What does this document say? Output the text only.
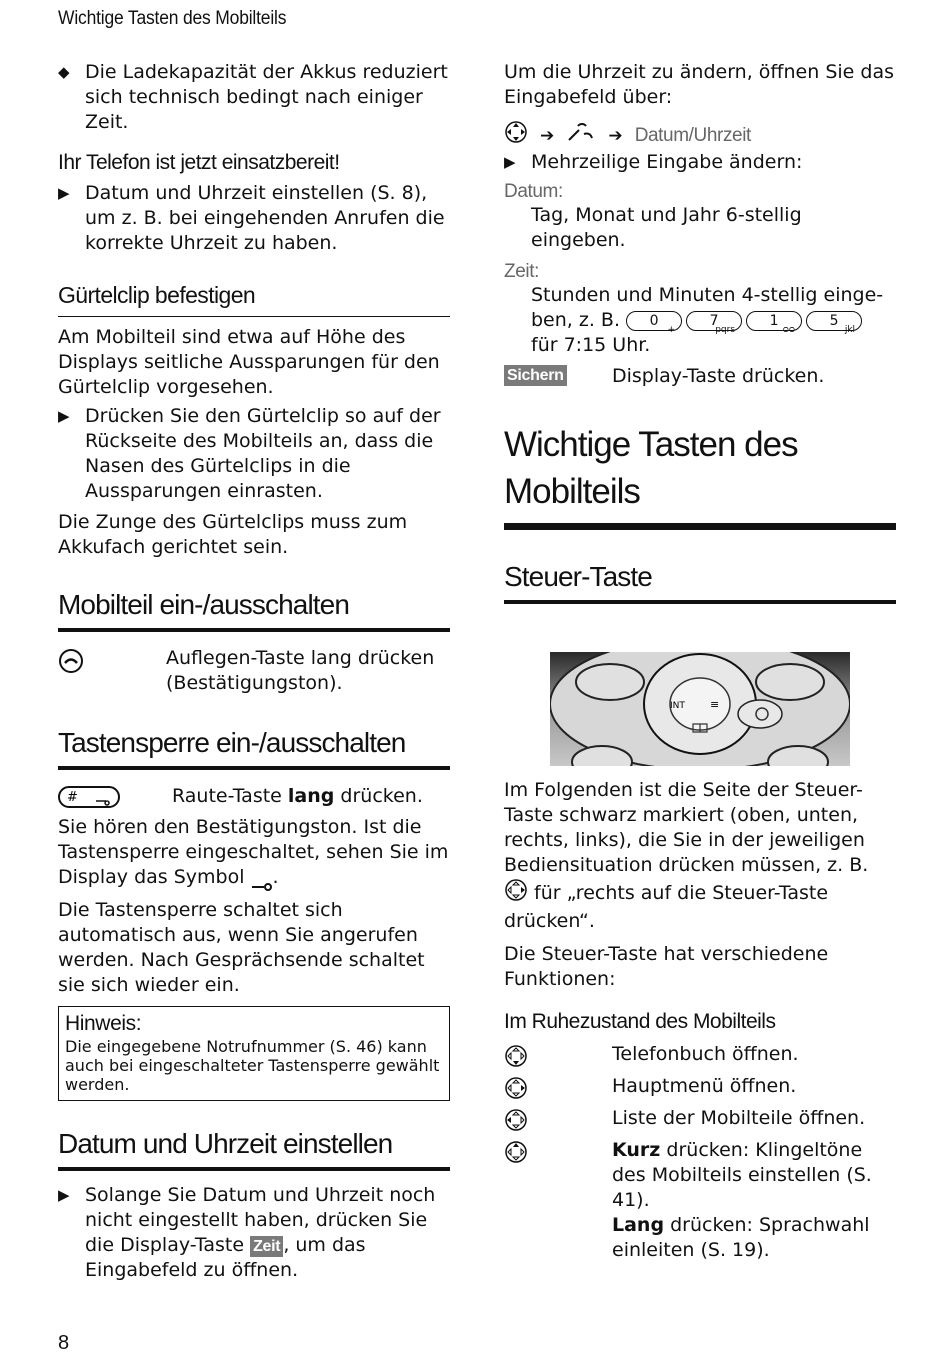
Wichtige Tasten des Mobilteils
◆ Die Ladekapazität der Akkus reduziert sich technisch bedingt nach einiger Zeit.
Ihr Telefon ist jetzt einsatzbereit!
▶ Datum und Uhrzeit einstellen (S. 8), um z. B. bei eingehenden Anrufen die korrekte Uhrzeit zu haben.
Gürtelclip befestigen

Am Mobilteil sind etwa auf Höhe des Displays seitliche Aussparungen für den Gürtelclip vorgesehen.

▶ Drücken Sie den Gürtelclip so auf der Rückseite des Mobilteils an, dass die Nasen des Gürtelclips in die Aussparungen einrasten.

Die Zunge des Gürtelclips muss zum Akkufach gerichtet sein.

Mobilteil ein-/ausschalten
Auflegen-Taste lang drücken (Bestätigungston).
Tastensperre ein-/ausschalten
#	Raute-Taste lang drücken.

Sie hören den Bestätigungston. Ist die Tastensperre eingeschaltet, sehen Sie im Display das Symbol .

Die Tastensperre schaltet sich automatisch aus, wenn Sie angerufen werden. Nach Gesprächsende schaltet sie sich wieder ein.

Hinweis:
Die eingegebene Notrufnummer (S. 46) kann auch bei eingeschalteter Tastensperre gewählt werden.
Datum und Uhrzeit einstellen
▶ Solange Sie Datum und Uhrzeit noch nicht eingestellt haben, drücken Sie die Display-Taste Zeit , um das Eingabefeld zu öffnen.

Um die Uhrzeit zu ändern, öffnen Sie das Eingabefeld über:

➔	➔ Datum/Uhrzeit
▶ Mehrzeilige Eingabe ändern:
Datum:

Tag, Monat und Jahr 6-stellig eingeben.

Zeit:

Stunden und Minuten 4-stellig einge-

ben, z. B. 0
+
7
pqrs
1
ᴑᴑ
5
jkl

für 7:15 Uhr.

Sichern	Display-Taste drücken.
Wichtige Tasten des Mobilteils
Steuer-Taste
INT ≡

Im Folgenden ist die Seite der Steuer-Taste schwarz markiert (oben, unten, rechts, links), die Sie in der jeweiligen Bediensituation drücken müssen, z. B.  für „rechts auf die Steuer-Taste drücken“.

Die Steuer-Taste hat verschiedene Funktionen:

Im Ruhezustand des Mobilteils
Telefonbuch öffnen.
Hauptmenü öffnen.
Liste der Mobilteile öffnen.
Kurz drücken: Klingeltöne des Mobilteils einstellen (S. 41).
Lang drücken: Sprachwahl einleiten (S. 19).
8
